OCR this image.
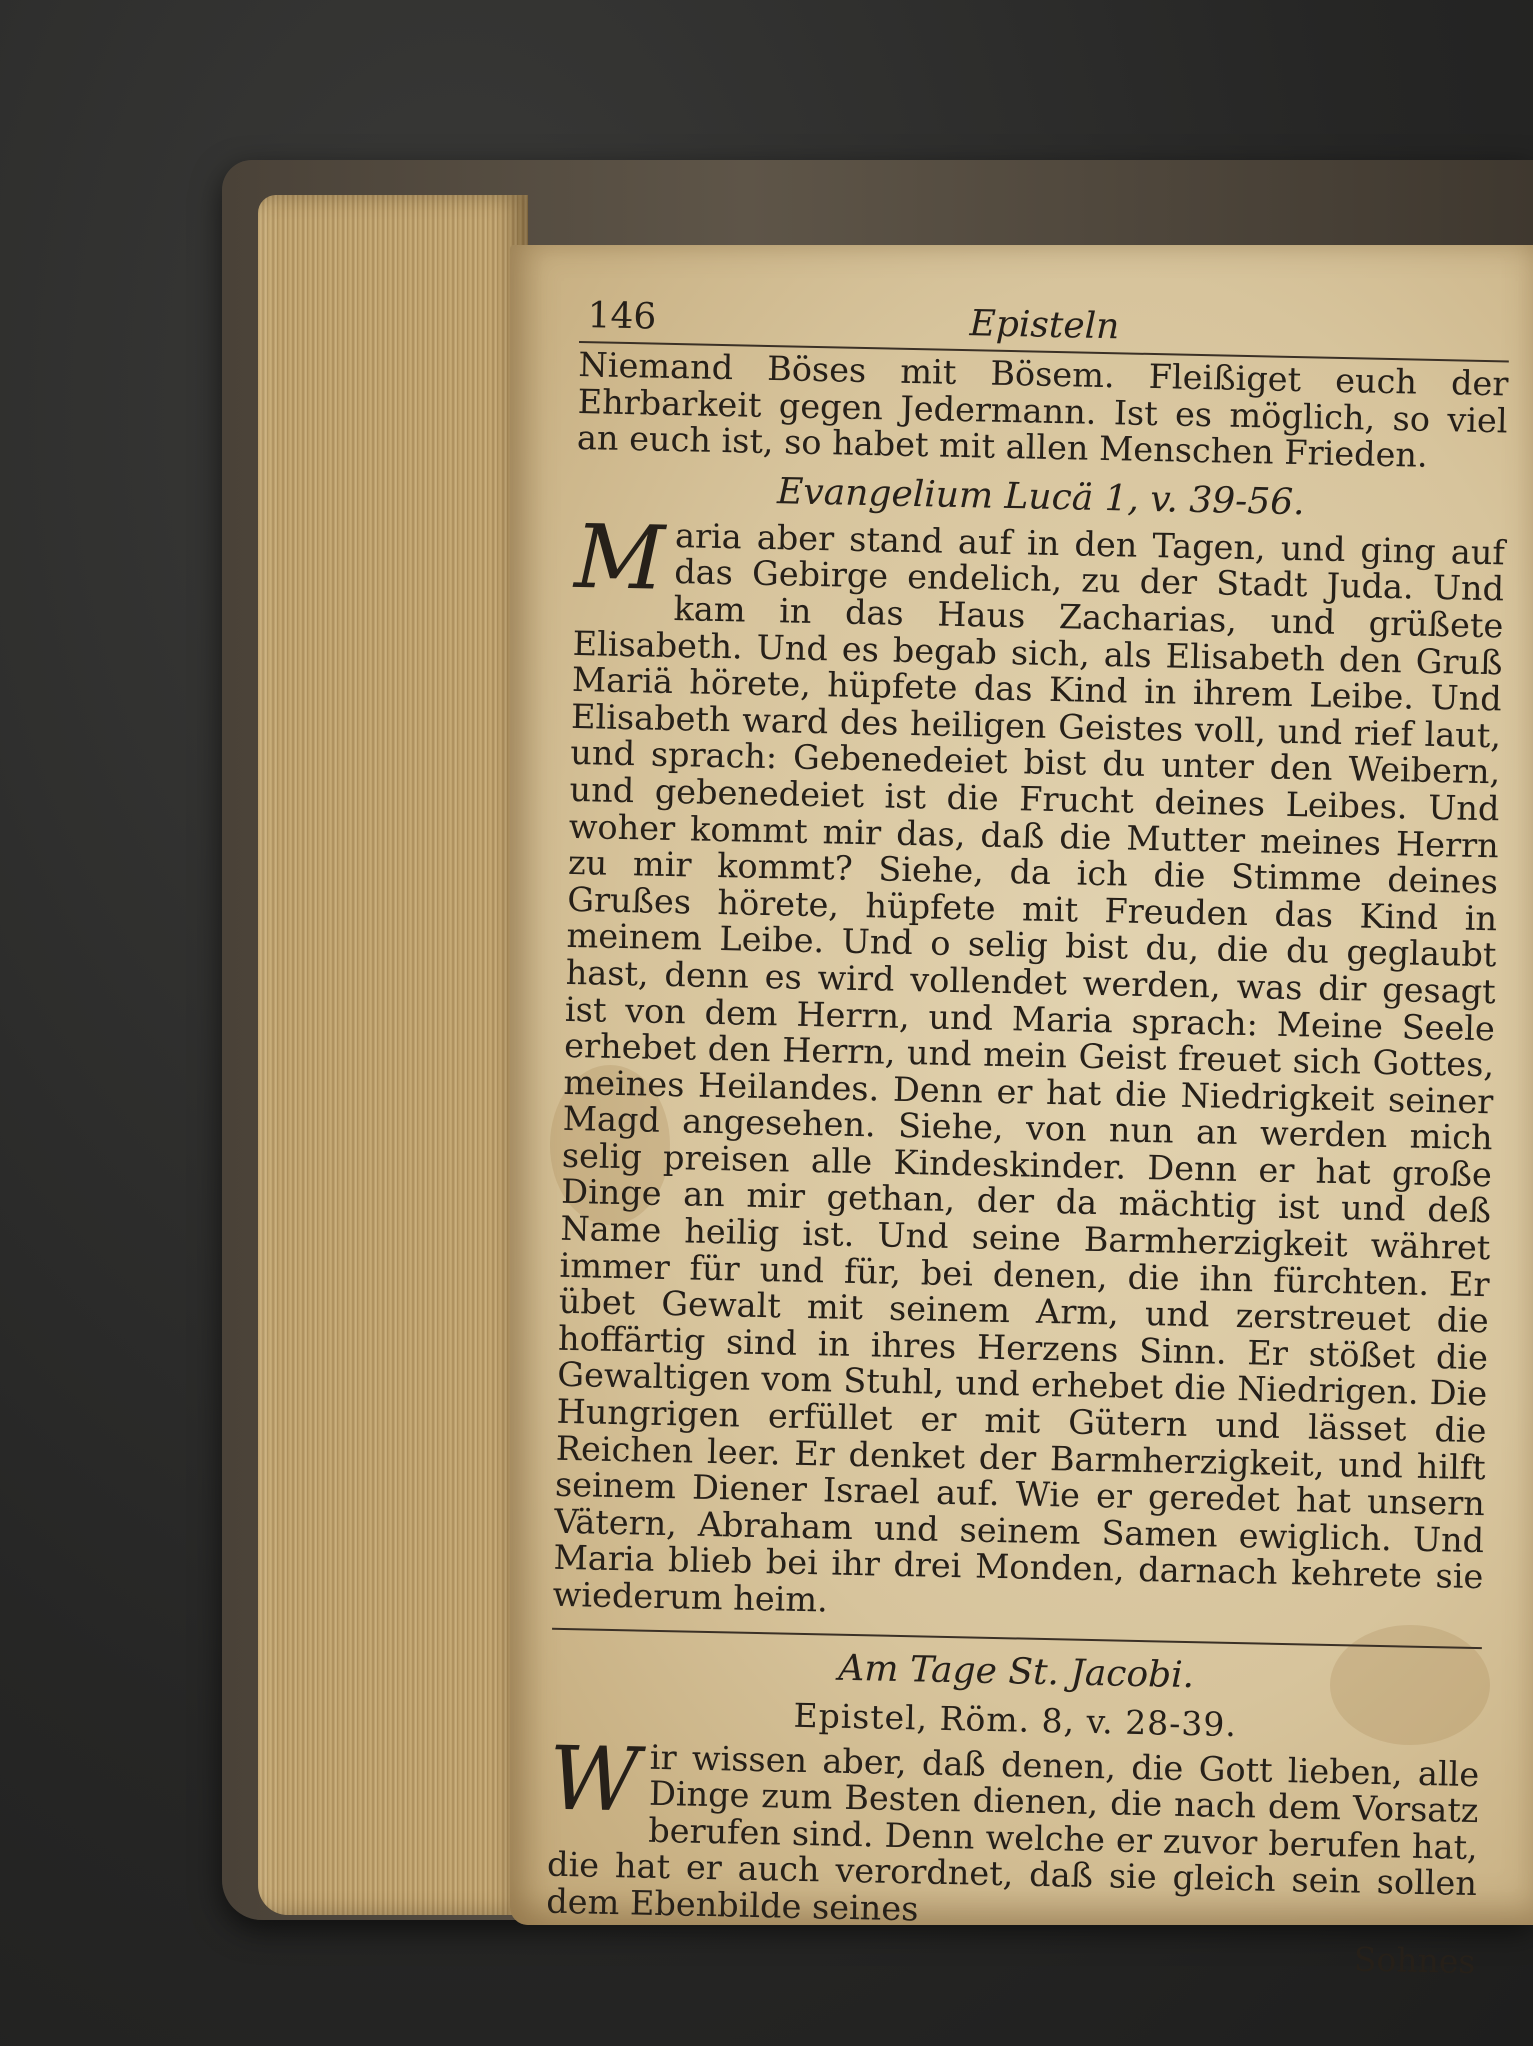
146	Episteln

Niemand Böses mit Bösem. Fleißiget euch der Ehrbarkeit gegen Jedermann. Ist es möglich, so viel an euch ist, so habet mit allen Menschen Frieden.

Evangelium Lucä 1, v. 39-56.
M aria aber stand auf in den Tagen, und ging auf das Gebirge endelich, zu der Stadt Juda. Und kam in das Haus Zacharias, und grüßete Elisabeth. Und es begab sich, als Elisabeth den Gruß Mariä hörete, hüpfete das Kind in ihrem Leibe. Und Elisabeth ward des heiligen Geistes voll, und rief laut, und sprach: Gebenedeiet bist du unter den Weibern, und gebenedeiet ist die Frucht deines Leibes. Und woher kommt mir das, daß die Mutter meines Herrn zu mir kommt? Siehe, da ich die Stimme deines Grußes hörete, hüpfete mit Freuden das Kind in meinem Leibe. Und o selig bist du, die du geglaubt hast, denn es wird vollendet werden, was dir gesagt ist von dem Herrn, und Maria sprach: Meine Seele erhebet den Herrn, und mein Geist freuet sich Gottes, meines Heilandes. Denn er hat die Niedrigkeit seiner Magd angesehen. Siehe, von nun an werden mich selig preisen alle Kindeskinder. Denn er hat große Dinge an mir gethan, der da mächtig ist und deß Name heilig ist. Und seine Barmherzigkeit währet immer für und für, bei denen, die ihn fürchten. Er übet Gewalt mit seinem Arm, und zerstreuet die hoffärtig sind in ihres Herzens Sinn. Er stößet die Gewaltigen vom Stuhl, und erhebet die Niedrigen. Die Hungrigen erfüllet er mit Gütern und lässet die Reichen leer. Er denket der Barmherzigkeit, und hilft seinem Diener Israel auf. Wie er geredet hat unsern Vätern, Abraham und seinem Samen ewiglich. Und Maria blieb bei ihr drei Monden, darnach kehrete sie wiederum heim.

Am Tage St. Jacobi.
Epistel, Röm. 8, v. 28-39.
W ir wissen aber, daß denen, die Gott lieben, alle Dinge zum Besten dienen, die nach dem Vorsatz berufen sind. Denn welche er zuvor berufen hat, die hat er auch verordnet, daß sie gleich sein sollen dem Ebenbilde seines

Sohnes
